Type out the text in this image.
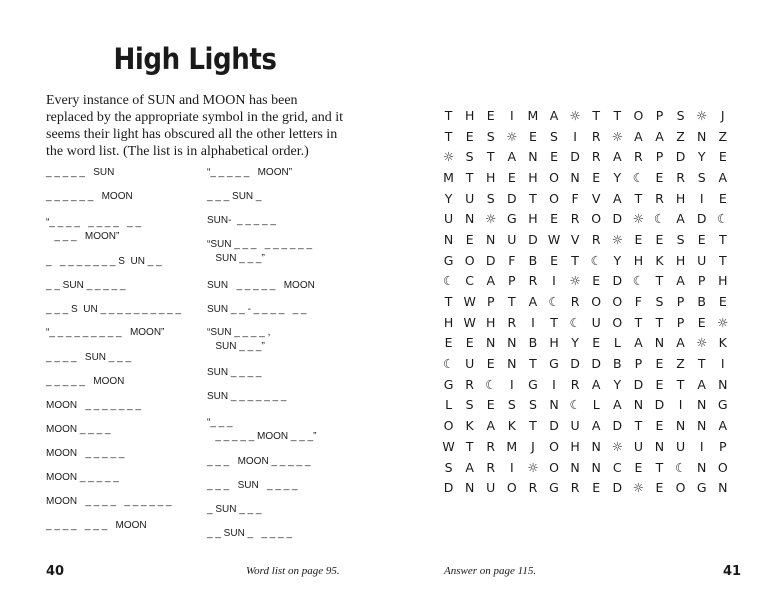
High Lights
Every instance of SUN and MOON has been replaced by the appropriate symbol in the grid, and it seems their light has obscured all the other letters in the word list. (The list is in alphabetical order.)
_ _ _ _ _   SUN
_ _ _ _ _ _   MOON
“_ _ _ _   _ _ _ _   _ _
_ _ _   MOON”
_   _ _ _ _ _ _ _ S  UN _ _
_ _ SUN _ _ _ _ _
_ _ _ S  UN _ _ _ _ _ _ _ _ _ _
“_ _ _ _ _ _ _ _ _   MOON”
_ _ _ _   SUN _ _ _
_ _ _ _ _   MOON
MOON   _ _ _ _ _ _ _
MOON _ _ _ _
MOON   _ _ _ _ _
MOON _ _ _ _ _
MOON   _ _ _ _   _ _ _ _ _ _
_ _ _ _   _ _ _   MOON
“_ _ _ _ _   MOON”
_ _ _ SUN _
SUN-  _ _ _ _ _
“SUN _ _ _   _ _ _ _ _ _
SUN _ _ _”
SUN   _ _ _ _ _   MOON
SUN _ _ - _ _ _ _   _ _
“SUN _ _ _ _ ,
SUN _ _ _”
SUN _ _ _ _
SUN _ _ _ _ _ _ _
“_ _ _
_ _ _ _ _ MOON _ _ _”
_ _ _   MOON _ _ _ _ _
_ _ _   SUN   _ _ _ _
_ SUN _ _ _
_ _ SUN _   _ _ _ _
40	Word list on page 95.
T	H	E	I	M	A	☼	T	T	O	P	S	☼	J
T	E	S	☼	E	S	I	R	☼	A	A	Z	N	Z
☼	S	T	A	N	E	D	R	A	R	P	D	Y	E
M	T	H	E	H	O	N	E	Y	☾	E	R	S	A
Y	U	S	D	T	O	F	V	A	T	R	H	I	E
U	N	☼	G	H	E	R	O	D	☼	☾	A	D	☾
N	E	N	U	D	W	V	R	☼	E	E	S	E	T
G	O	D	F	B	E	T	☾	Y	H	K	H	U	T
☾	C	A	P	R	I	☼	E	D	☾	T	A	P	H
T	W	P	T	A	☾	R	O	O	F	S	P	B	E
H	W	H	R	I	T	☾	U	O	T	T	P	E	☼
E	E	N	N	B	H	Y	E	L	A	N	A	☼	K
☾	U	E	N	T	G	D	D	B	P	E	Z	T	I
G	R	☾	I	G	I	R	A	Y	D	E	T	A	N
L	S	E	S	S	N	☾	L	A	N	D	I	N	G
O	K	A	K	T	D	U	A	D	T	E	N	N	A
W	T	R	M	J	O	H	N	☼	U	N	U	I	P
S	A	R	I	☼	O	N	N	C	E	T	☾	N	O
D	N	U	O	R	G	R	E	D	☼	E	O	G	N
Answer on page 115.	41
